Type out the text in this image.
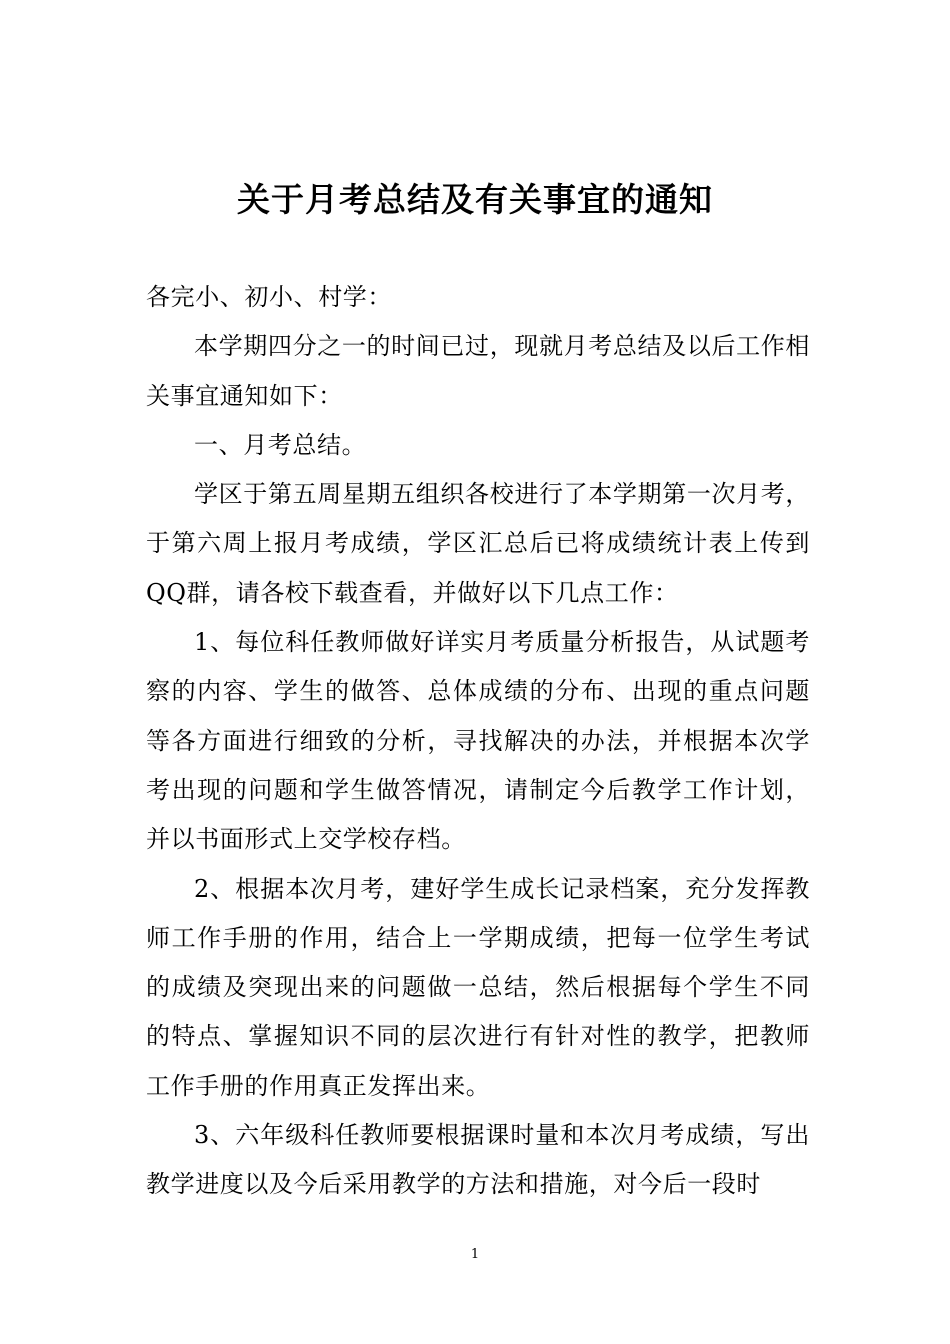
关于月考总结及有关事宜的通知

各完小、初小、村学：

本学期四分之一的时间已过，现就月考总结及以后工作相关事宜通知如下：

一、月考总结。

学区于第五周星期五组织各校进行了本学期第一次月考，于第六周上报月考成绩，学区汇总后已将成绩统计表上传到QQ群，请各校下载查看，并做好以下几点工作：

1、每位科任教师做好详实月考质量分析报告，从试题考察的内容、学生的做答、总体成绩的分布、出现的重点问题等各方面进行细致的分析，寻找解决的办法，并根据本次学考出现的问题和学生做答情况，请制定今后教学工作计划，并以书面形式上交学校存档。

2、根据本次月考，建好学生成长记录档案，充分发挥教师工作手册的作用，结合上一学期成绩，把每一位学生考试的成绩及突现出来的问题做一总结，然后根据每个学生不同的特点、掌握知识不同的层次进行有针对性的教学，把教师工作手册的作用真正发挥出来。

3、六年级科任教师要根据课时量和本次月考成绩，写出教学进度以及今后采用教学的方法和措施，对今后一段时

1
